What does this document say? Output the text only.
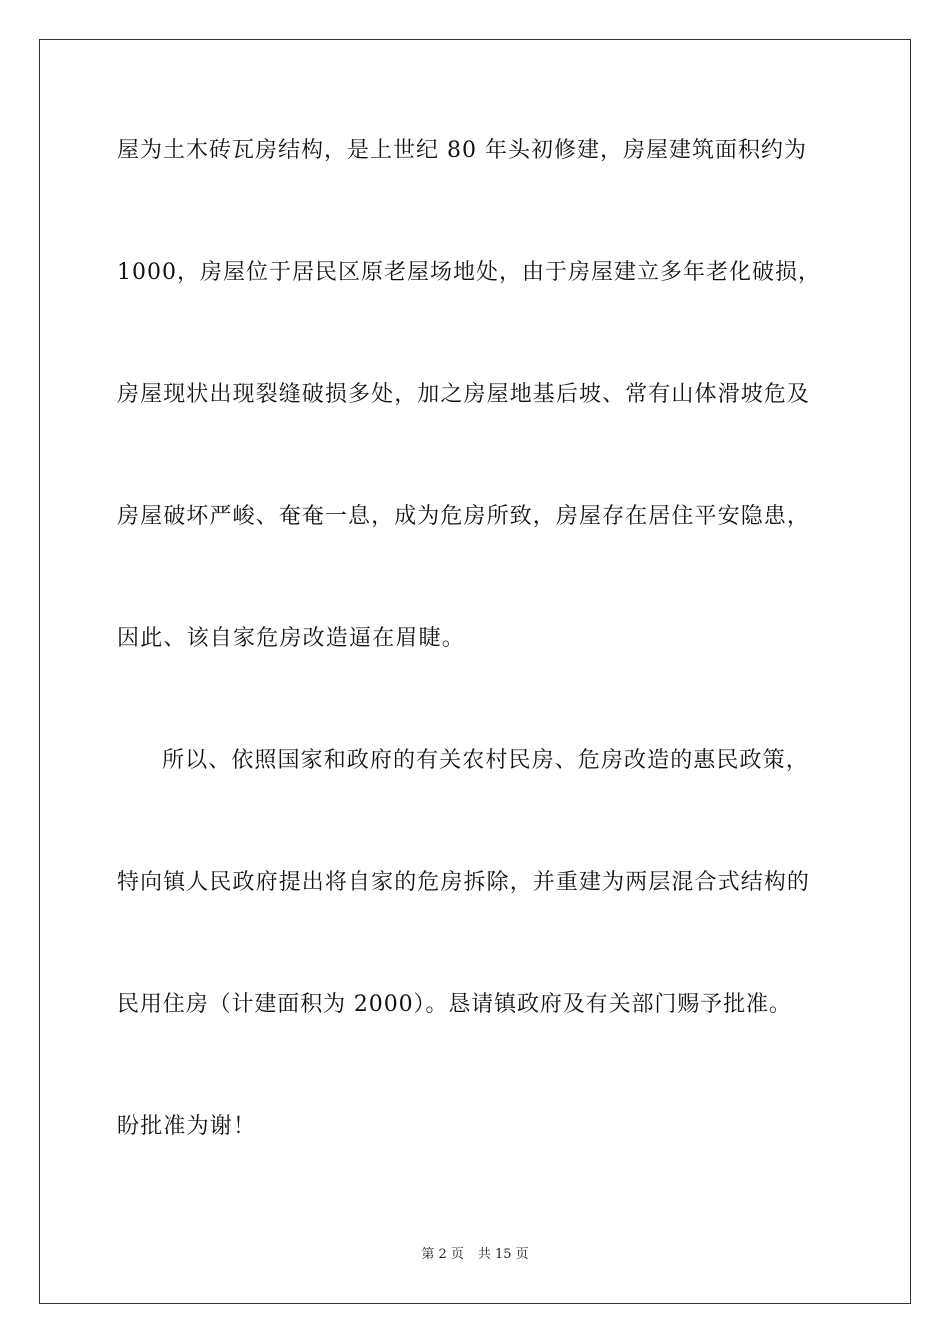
屋为土木砖瓦房结构，是上世纪 80 年头初修建，房屋建筑面积约为
1000，房屋位于居民区原老屋场地处，由于房屋建立多年老化破损，
房屋现状出现裂缝破损多处，加之房屋地基后坡、常有山体滑坡危及
房屋破坏严峻、奄奄一息，成为危房所致，房屋存在居住平安隐患，
因此、该自家危房改造逼在眉睫。
所以、依照国家和政府的有关农村民房、危房改造的惠民政策，
特向镇人民政府提出将自家的危房拆除，并重建为两层混合式结构的
民用住房（计建面积为 2000）。恳请镇政府及有关部门赐予批准。
盼批准为谢！
第 2 页 共 15 页
